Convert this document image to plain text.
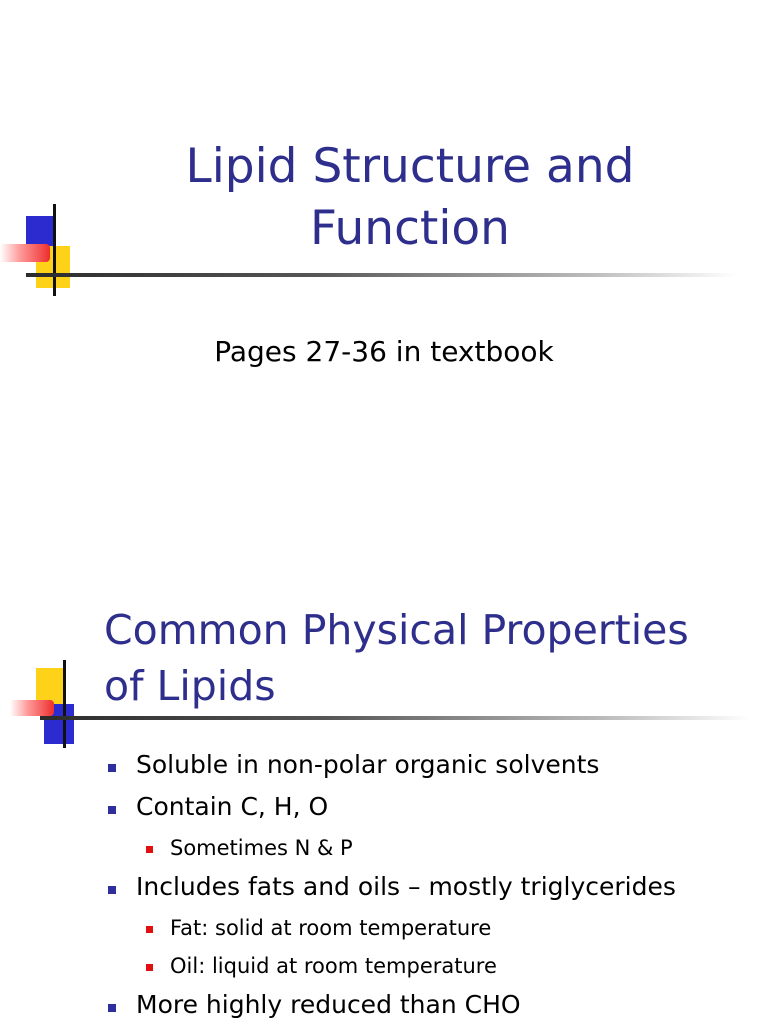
Lipid Structure and
Function
Pages 27-36 in textbook
Common Physical Properties
of Lipids
Soluble in non-polar organic solvents
Contain C, H, O
Sometimes N & P
Includes fats and oils – mostly triglycerides
Fat: solid at room temperature
Oil: liquid at room temperature
More highly reduced than CHO
